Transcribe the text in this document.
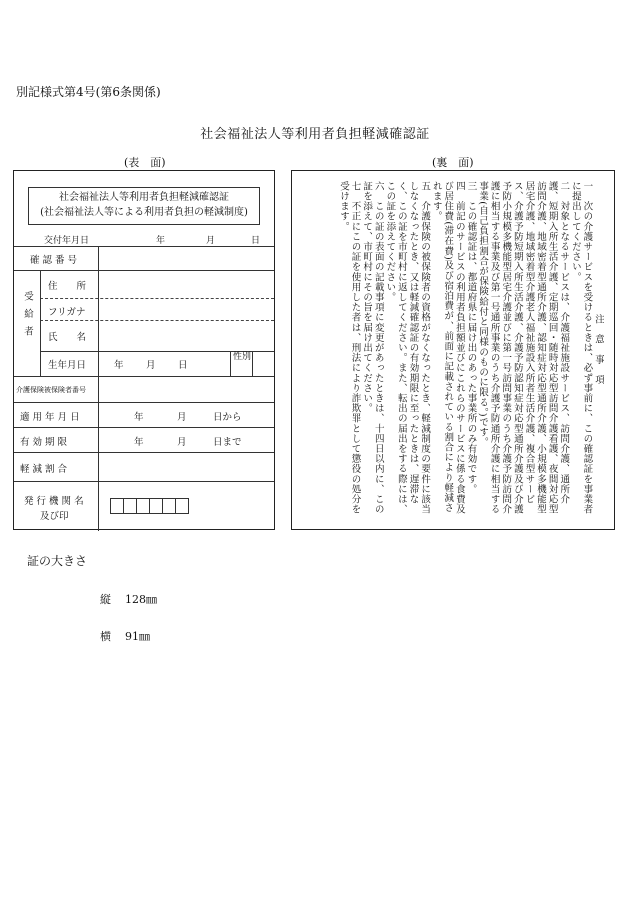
別記様式第4号(第6条関係)
社会福祉法人等利用者負担軽減確認証
(表　面)	(裏　面)
社会福祉法人等利用者負担軽減確認証
(社会福祉法人等による利用者負担の軽減制度)
交付年月日	年	月	日
確 認 番 号
受給者
住　　所
フリガナ
氏　　名
生年月日	年 月 日
性別
介護保険被保険者番号
適 用 年 月 日	年	月	日から
有 効 期 限	年	月	日まで
軽 減 割 合
発 行 機 関 名
及び印
注　意　事　項
一　次の介護サービスを受けるときは、必ず事前に、この確認証を事業者に提出してください。
二　対象となるサービスは、介護福祉施設サービス、訪問介護、通所介護、短期入所生活介護、定期巡回・随時対応型訪問介護看護、夜間対応型訪問介護、地域密着型通所介護、認知症対応型通所介護、小規模多機能型居宅介護、地域密着型介護老人福祉施設入所者生活介護、複合型サービス、介護予防短期入所生活介護、介護予防認知症対応型通所介護及び介護予防小規模多機能型居宅介護並びに第一号訪問事業のうち介護予防訪問介護に相当する事業及び第一号通所事業のうち介護予防通所介護に相当する事業(自己負担割合が保険給付と同様のものに限る。)です。
三　この確認証は、都道府県に届け出のあった事業所のみ有効です。
四　前記のサービスの利用者負担額並びにこれらのサービスに係る食費及び居住費(滞在費)及び宿泊費が、前面に記載されている割合により軽減されます。
五　介護保険の被保険者の資格がなくなったとき、軽減制度の要件に該当しなくなったとき、又は軽減確認証の有効期限に至ったときは、遅滞なく、この証を市町村に返してください。また、転出の届出をする際には、この証を添えてください。
六　この証の表面の記載事項に変更があったときは、十四日以内に、この証を添えて、市町村にその旨を届け出てください。
七　不正にこの証を使用した者は、刑法により詐欺罪として懲役の処分を受けます。
証の大きさ
縦 128㎜
横 91㎜
